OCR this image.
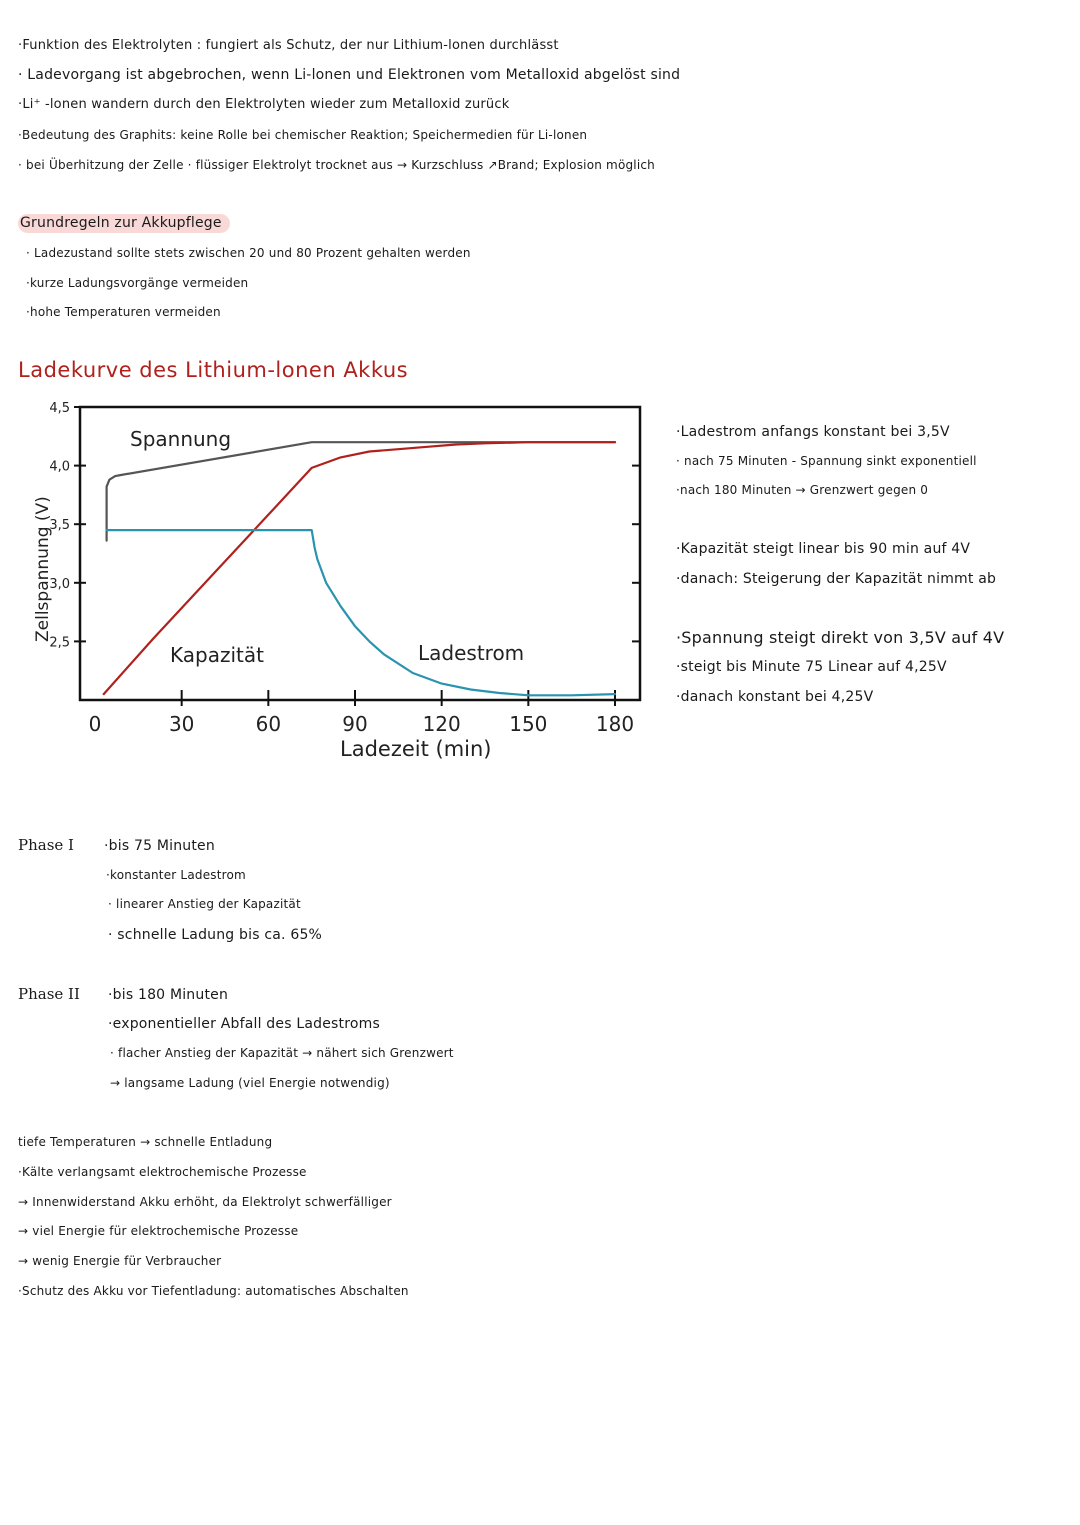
·Funktion des Elektrolyten : fungiert als Schutz, der nur Lithium-lonen durchlässt
· Ladevorgang ist abgebrochen, wenn Li-lonen und Elektronen vom Metalloxid abgelöst sind
·Li⁺ -lonen wandern durch den Elektrolyten wieder zum Metalloxid zurück
·Bedeutung des Graphits: keine Rolle bei chemischer Reaktion; Speichermedien für Li-lonen
· bei Überhitzung der Zelle · flüssiger Elektrolyt trocknet aus → Kurzschluss ↗Brand; Explosion möglich
Grundregeln zur Akkupflege
· Ladezustand sollte stets zwischen 20 und 80 Prozent gehalten werden
·kurze Ladungsvorgänge vermeiden
·hohe Temperaturen vermeiden
Ladekurve des Lithium-lonen Akkus
2,5
3,0
3,5
4,0
4,5
0	30	60	90	120 150 180
Spannung
Kapazität	Ladestrom
Ladezeit (min)
Zellspannung (V)
·Ladestrom anfangs konstant bei 3,5V
· nach 75 Minuten - Spannung sinkt exponentiell
·nach 180 Minuten → Grenzwert gegen 0
·Kapazität steigt linear bis 90 min auf 4V
·danach: Steigerung der Kapazität nimmt ab
·Spannung steigt direkt von 3,5V auf 4V
·steigt bis Minute 75 Linear auf 4,25V
·danach konstant bei 4,25V
Phase I ·bis 75 Minuten
·konstanter Ladestrom
· linearer Anstieg der Kapazität
· schnelle Ladung bis ca. 65%
Phase II ·bis 180 Minuten
·exponentieller Abfall des Ladestroms
· flacher Anstieg der Kapazität → nähert sich Grenzwert
→ langsame Ladung (viel Energie notwendig)
tiefe Temperaturen → schnelle Entladung
·Kälte verlangsamt elektrochemische Prozesse
→ Innenwiderstand Akku erhöht, da Elektrolyt schwerfälliger
→ viel Energie für elektrochemische Prozesse
→ wenig Energie für Verbraucher
·Schutz des Akku vor Tiefentladung: automatisches Abschalten
